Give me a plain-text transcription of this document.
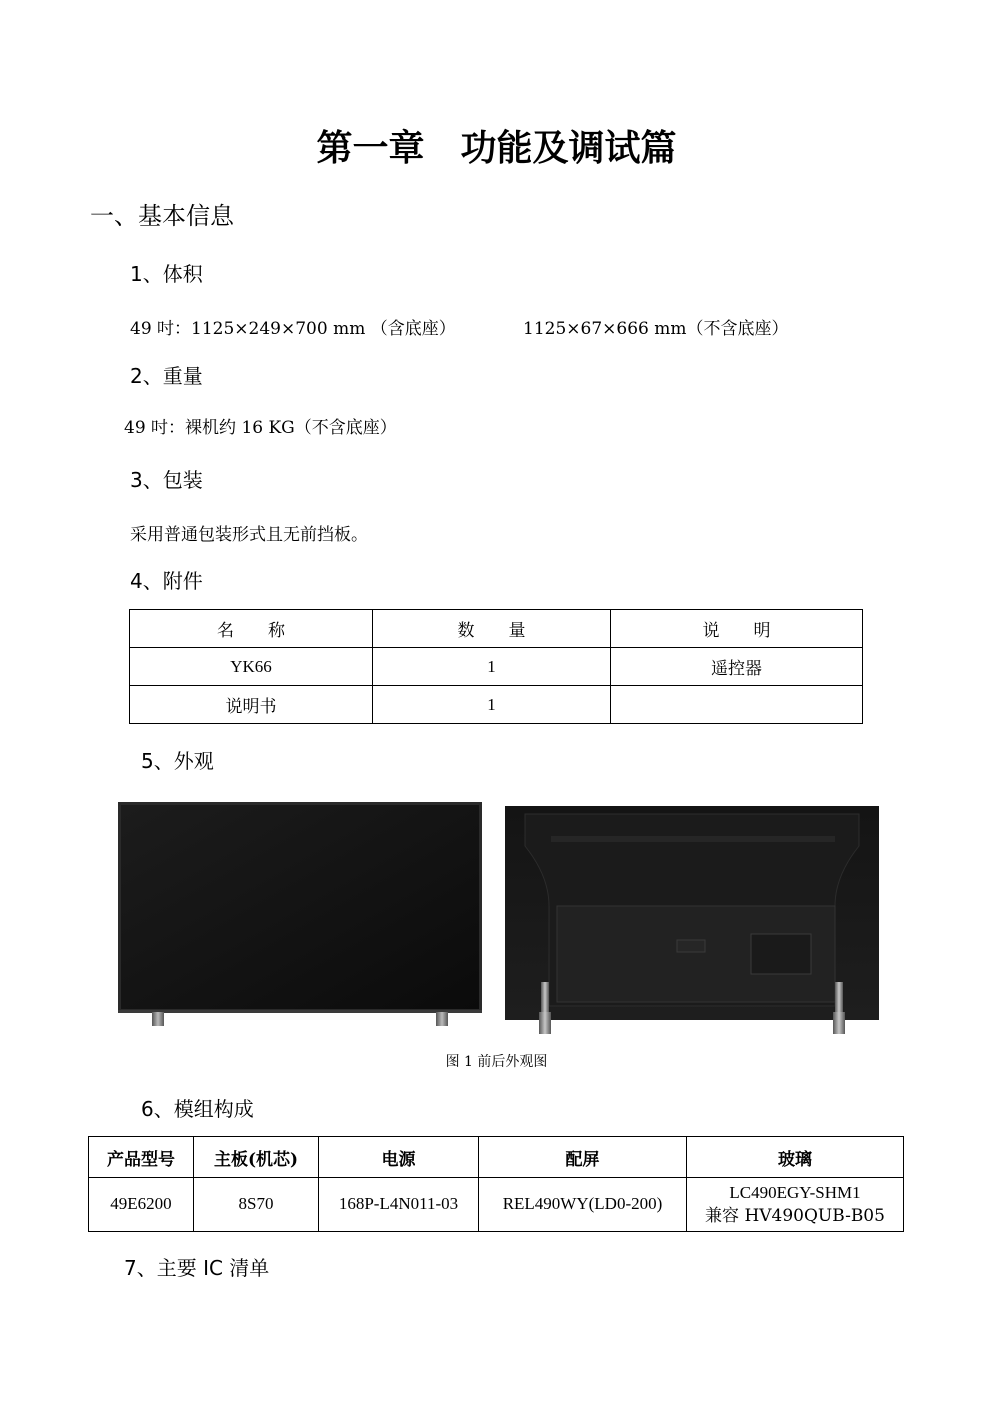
第一章　功能及调试篇
一、基本信息
1、体积
49 吋：1125×249×700 mm （含底座）	1125×67×666 mm（不含底座）
2、重量
49 吋：裸机约 16 KG（不含底座）
3、包装
采用普通包装形式且无前挡板。
4、附件
名　　称	数　　量	说　　明
YK66	1	遥控器
说明书	1	
5、外观
图 1 前后外观图
6、模组构成
产品型号	主板(机芯)	电源	配屏	玻璃
49E6200	8S70	168P-L4N011-03	REL490WY(LD0-200)	LC490EGY-SHM1
兼容 HV490QUB-B05
7、主要 IC 清单
